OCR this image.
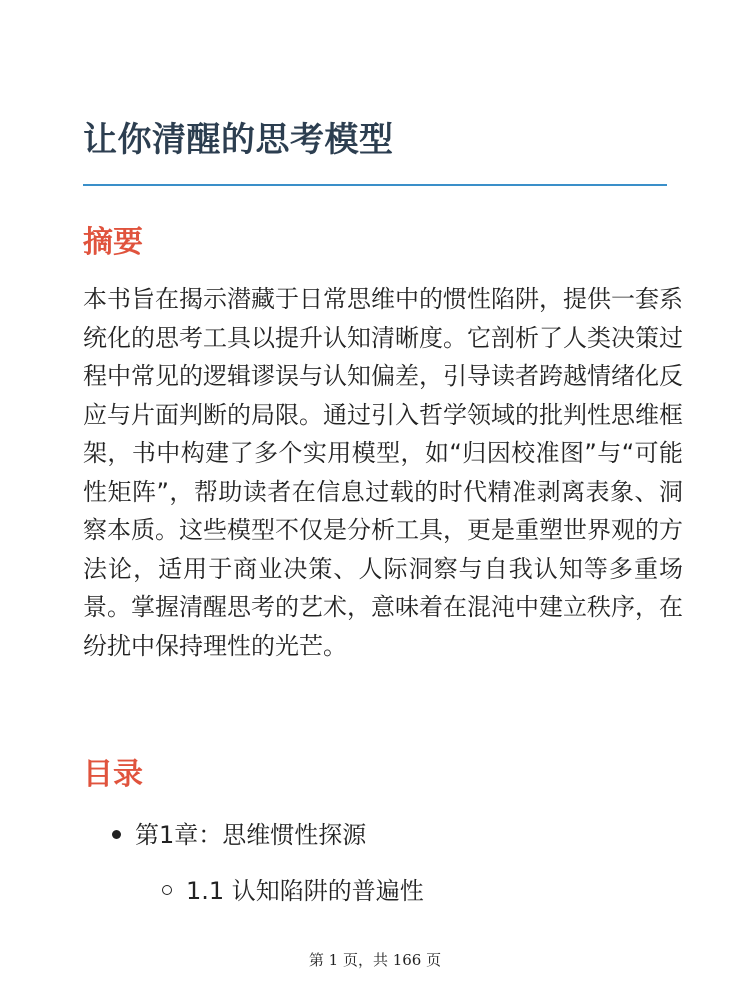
让你清醒的思考模型
摘要

本书旨在揭示潜藏于日常思维中的惯性陷阱，提供一套系统化的思考工具以提升认知清晰度。它剖析了人类决策过程中常见的逻辑谬误与认知偏差，引导读者跨越情绪化反应与片面判断的局限。通过引入哲学领域的批判性思维框架，书中构建了多个实用模型，如“归因校准图”与“可能性矩阵”，帮助读者在信息过载的时代精准剥离表象、洞察本质。这些模型不仅是分析工具，更是重塑世界观的方法论，适用于商业决策、人际洞察与自我认知等多重场景。掌握清醒思考的艺术，意味着在混沌中建立秩序，在纷扰中保持理性的光芒。

目录
第1章：思维惯性探源
1.1 认知陷阱的普遍性
第 1 页，共 166 页
